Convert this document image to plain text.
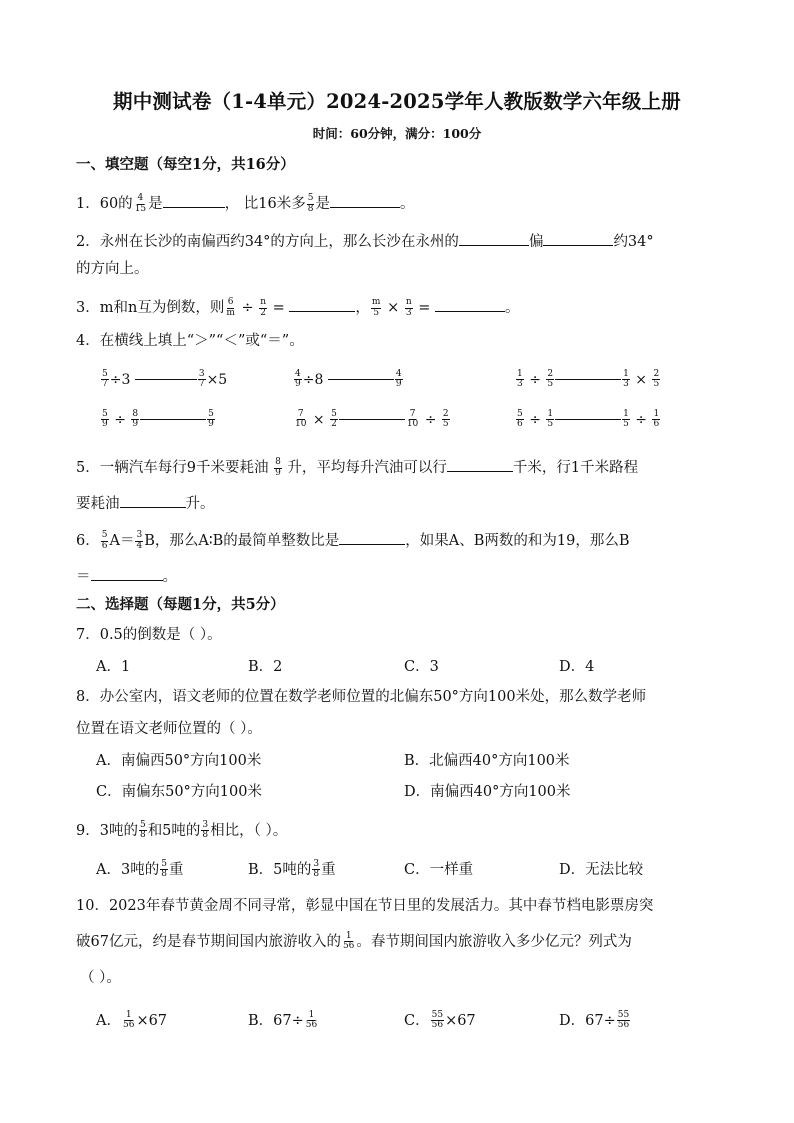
期中测试卷（1-4单元）2024-2025学年人教版数学六年级上册
时间：60分钟，满分：100分
一、填空题（每空1分，共16分）
1．60的 $\frac{4}{15}$ 是	， 比16米多 $\frac{5}{8}$ 是	。
2．永州在长沙的南偏西约34°的方向上，那么长沙在永州的	偏	约34°
的方向上。
3．m和n互为倒数，则 $\frac{6}{m} \div \frac{n}{2}$ =	， $\frac{m}{5} \times \frac{n}{3}$ =	。
4．在横线上填上“＞”“＜”或“＝”。
$\frac{5}{7} \div 3$	$\frac{3}{7} \times 5$	$\frac{4}{9} \div 8$	$\frac{4}{9}$	$\frac{1}{3} \div \frac{2}{5}$	$\frac{1}{3} \times \frac{2}{5}$
$\frac{5}{9} \div \frac{8}{9}$	$\frac{5}{9}$	$\frac{7}{10} \times \frac{5}{2}$	$\frac{7}{10} \div \frac{2}{5}$	$\frac{5}{6} \div \frac{1}{5}$	$\frac{1}{5} \div \frac{1}{6}$
5．一辆汽车每行9千米要耗油 $\frac{8}{9}$ 升，平均每升汽油可以行	千米，行1千米路程
要耗油	升。
6． $\frac{5}{6} A= \frac{3}{4}$ B，那么A∶B的最简单整数比是	，如果A、B两数的和为19，那么B
＝	。
二、选择题（每题1分，共5分）
7．0.5的倒数是（ ）。
A．1	B．2	C．3	D．4
8．办公室内，语文老师的位置在数学老师位置的北偏东50°方向100米处，那么数学老师
位置在语文老师位置的（ ）。
A．南偏西50°方向100米	B．北偏西40°方向100米
C．南偏东50°方向100米	D．南偏西40°方向100米
9．3吨的 $\frac{5}{8}$ 和5吨的 $\frac{3}{8}$ 相比，（ ）。
A．3吨的 $\frac{5}{8}$ 重	B．5吨的 $\frac{3}{8}$ 重	C．一样重	D．无法比较
10．2023年春节黄金周不同寻常，彰显中国在节日里的发展活力。其中春节档电影票房突
破67亿元，约是春节期间国内旅游收入的 $\frac{1}{56}$ 。春节期间国内旅游收入多少亿元？列式为
（ ）。
A． $\frac{1}{56} \times 67$	B．$67\div \frac{1}{56}$	C． $\frac{55}{56} \times 67$	D．$67\div \frac{55}{56}$
